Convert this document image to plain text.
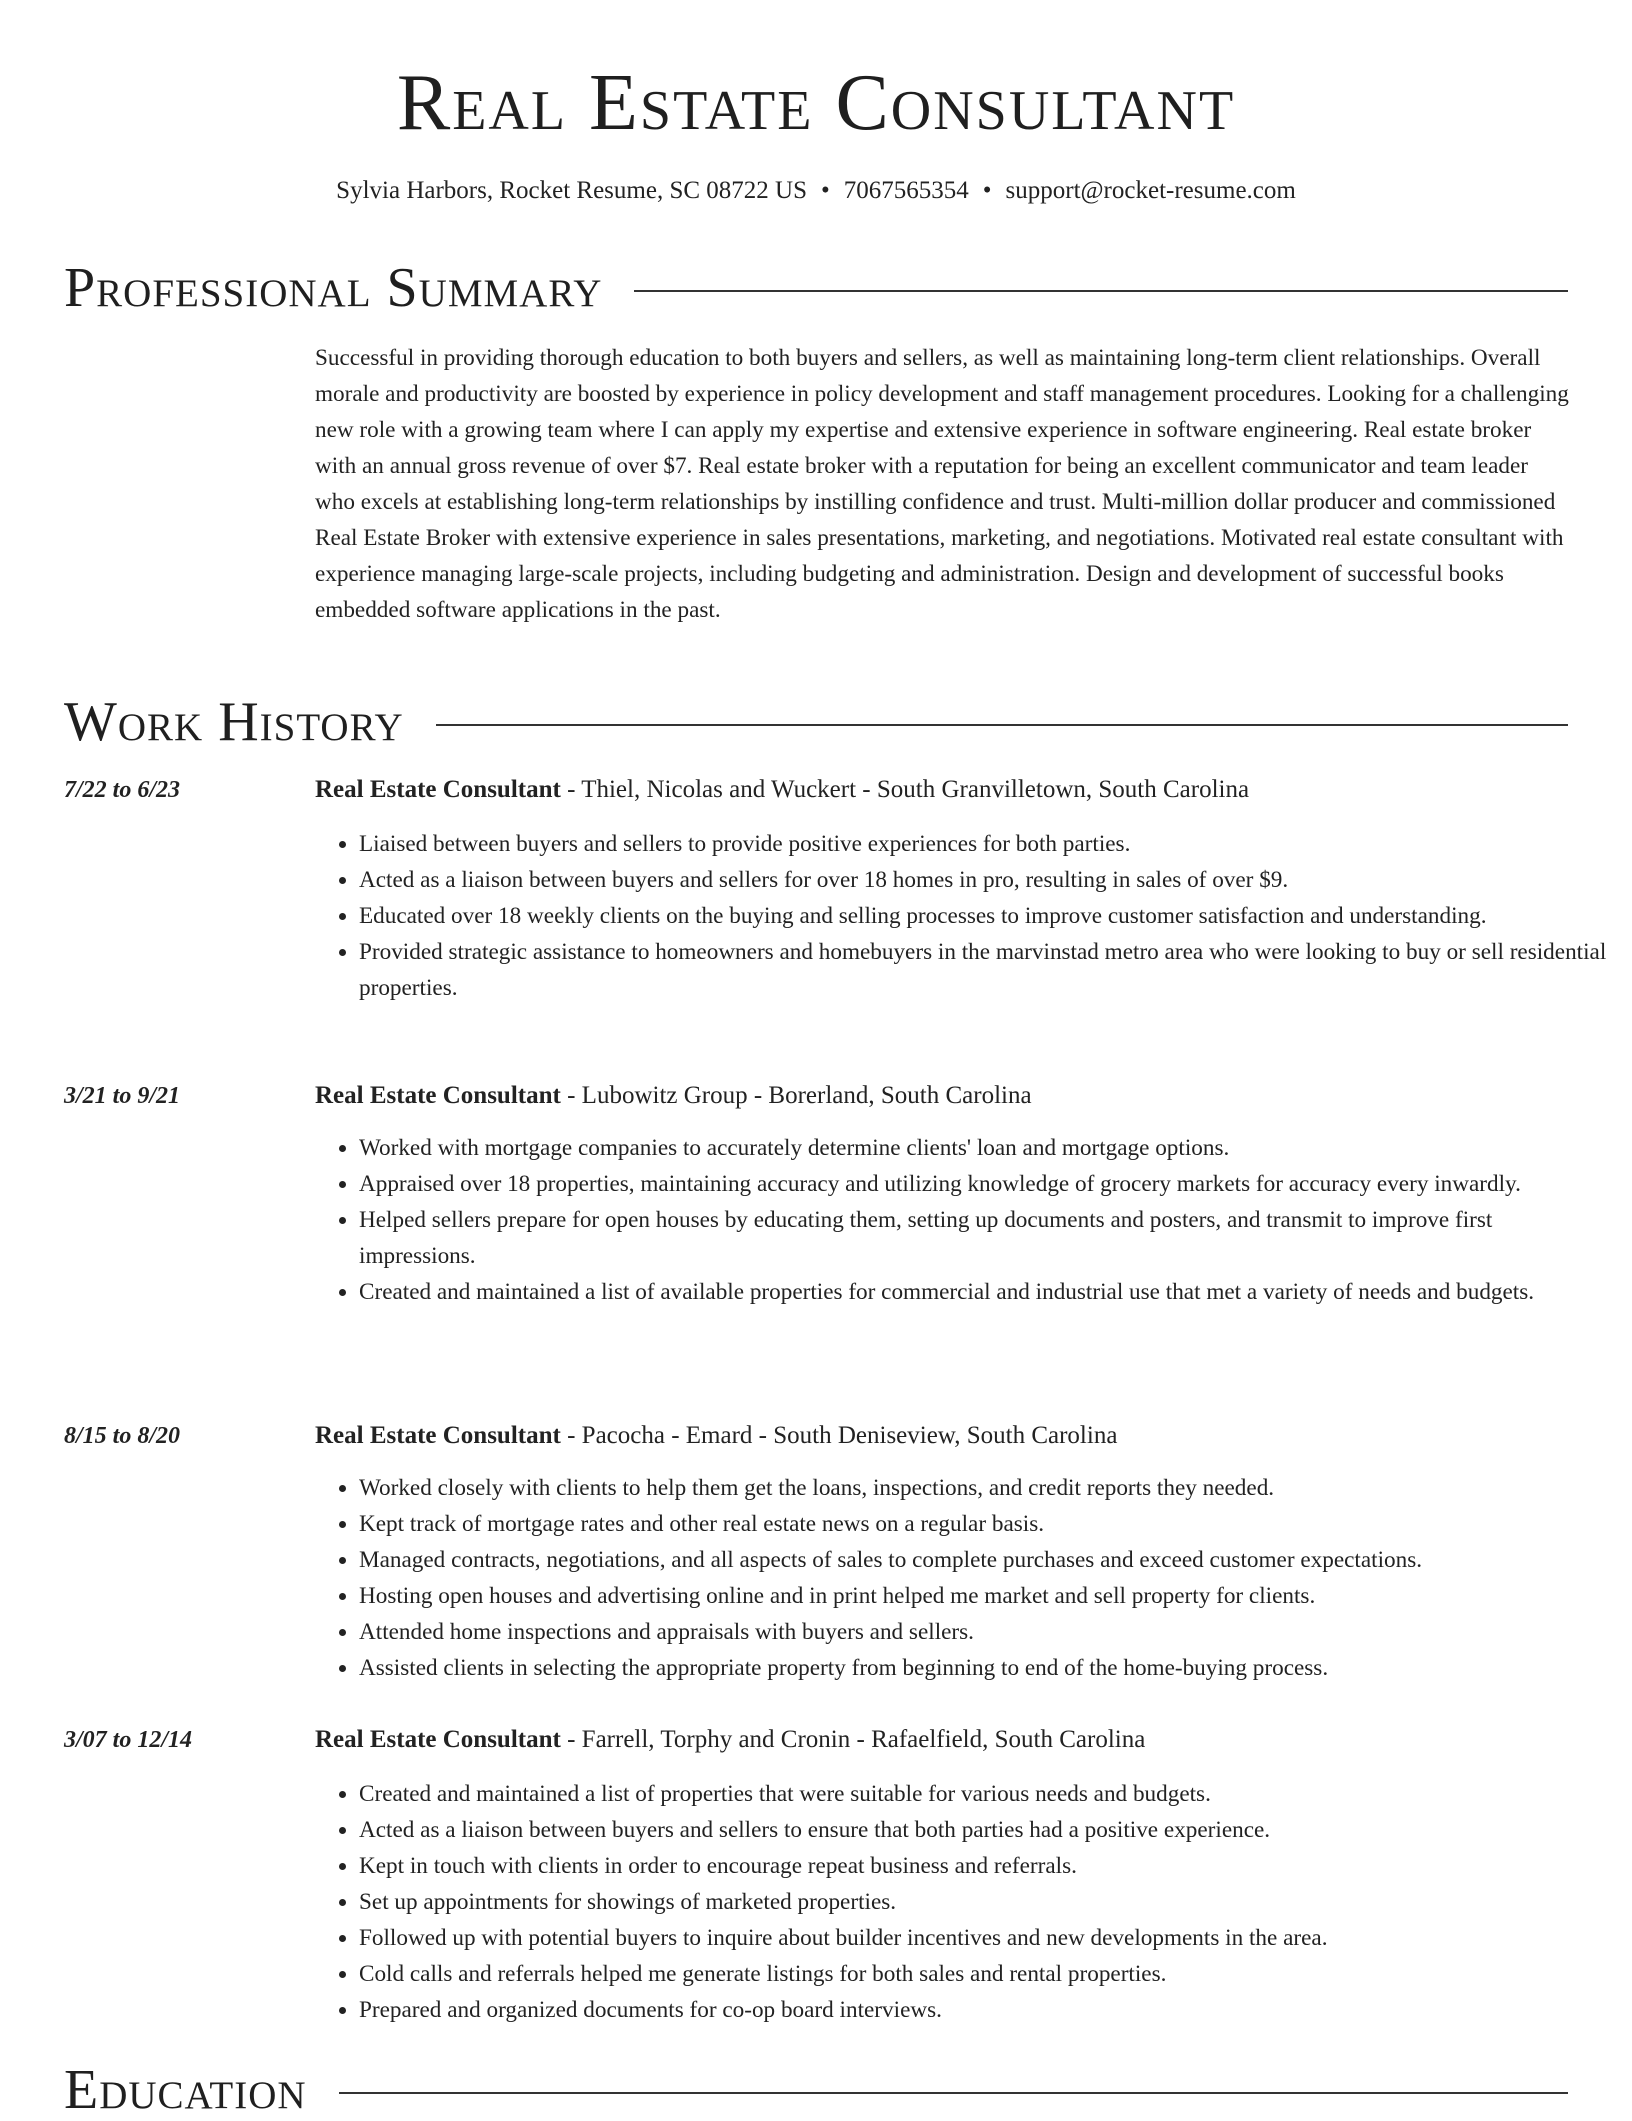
Real Estate Consultant
Sylvia Harbors, Rocket Resume, SC 08722 US • 7067565354 • support@rocket-resume.com
Professional Summary

Successful in providing thorough education to both buyers and sellers, as well as maintaining long-term client relationships. Overall morale and productivity are boosted by experience in policy development and staff management procedures. Looking for a challenging new role with a growing team where I can apply my expertise and extensive experience in software engineering. Real estate broker with an annual gross revenue of over $7. Real estate broker with a reputation for being an excellent communicator and team leader who excels at establishing long-term relationships by instilling confidence and trust. Multi-million dollar producer and commissioned Real Estate Broker with extensive experience in sales presentations, marketing, and negotiations. Motivated real estate consultant with experience managing large-scale projects, including budgeting and administration. Design and development of successful books embedded software applications in the past.

Work History
7/22 to 6/23	Real Estate Consultant - Thiel, Nicolas and Wuckert - South Granvilletown, South Carolina
• Liaised between buyers and sellers to provide positive experiences for both parties.
• Acted as a liaison between buyers and sellers for over 18 homes in pro, resulting in sales of over $9.
• Educated over 18 weekly clients on the buying and selling processes to improve customer satisfaction and understanding.
• Provided strategic assistance to homeowners and homebuyers in the marvinstad metro area who were looking to buy or sell residential properties.
3/21 to 9/21	Real Estate Consultant - Lubowitz Group - Borerland, South Carolina
• Worked with mortgage companies to accurately determine clients' loan and mortgage options.
• Appraised over 18 properties, maintaining accuracy and utilizing knowledge of grocery markets for accuracy every inwardly.
• Helped sellers prepare for open houses by educating them, setting up documents and posters, and transmit to improve first impressions.
• Created and maintained a list of available properties for commercial and industrial use that met a variety of needs and budgets.
8/15 to 8/20	Real Estate Consultant - Pacocha - Emard - South Deniseview, South Carolina
• Worked closely with clients to help them get the loans, inspections, and credit reports they needed.
• Kept track of mortgage rates and other real estate news on a regular basis.
• Managed contracts, negotiations, and all aspects of sales to complete purchases and exceed customer expectations.
• Hosting open houses and advertising online and in print helped me market and sell property for clients.
• Attended home inspections and appraisals with buyers and sellers.
• Assisted clients in selecting the appropriate property from beginning to end of the home-buying process.
3/07 to 12/14	Real Estate Consultant - Farrell, Torphy and Cronin - Rafaelfield, South Carolina
• Created and maintained a list of properties that were suitable for various needs and budgets.
• Acted as a liaison between buyers and sellers to ensure that both parties had a positive experience.
• Kept in touch with clients in order to encourage repeat business and referrals.
• Set up appointments for showings of marketed properties.
• Followed up with potential buyers to inquire about builder incentives and new developments in the area.
• Cold calls and referrals helped me generate listings for both sales and rental properties.
• Prepared and organized documents for co-op board interviews.
Education
